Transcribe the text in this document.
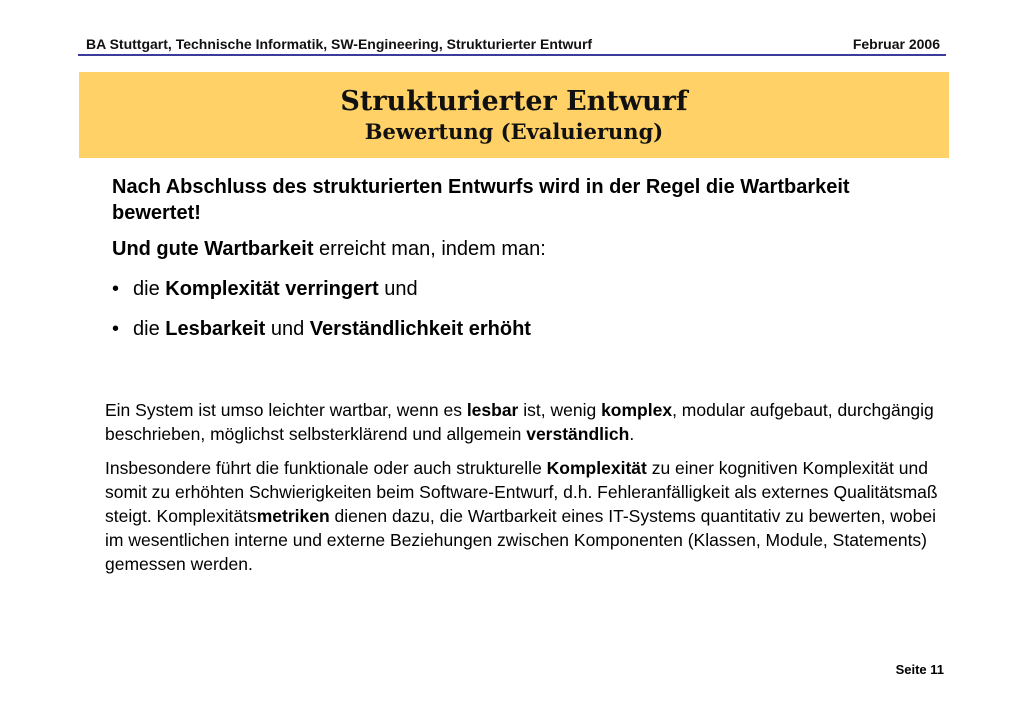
BA Stuttgart, Technische Informatik, SW-Engineering, Strukturierter Entwurf	Februar 2006
Strukturierter Entwurf
Bewertung (Evaluierung)

Nach Abschluss des strukturierten Entwurfs wird in der Regel die Wartbarkeit bewertet!

Und gute Wartbarkeit erreicht man, indem man:

• die Komplexität verringert und

• die Lesbarkeit und Verständlichkeit erhöht

Ein System ist umso leichter wartbar, wenn es lesbar ist, wenig komplex, modular aufgebaut, durchgängig beschrieben, möglichst selbsterklärend und allgemein verständlich.

Insbesondere führt die funktionale oder auch strukturelle Komplexität zu einer kognitiven Komplexität und somit zu erhöhten Schwierigkeiten beim Software-Entwurf, d.h. Fehleranfälligkeit als externes Qualitätsmaß steigt. Komplexitätsmetriken dienen dazu, die Wartbarkeit eines IT-Systems quantitativ zu bewerten, wobei im wesentlichen interne und externe Beziehungen zwischen Komponenten (Klassen, Module, Statements) gemessen werden.

Seite 11
